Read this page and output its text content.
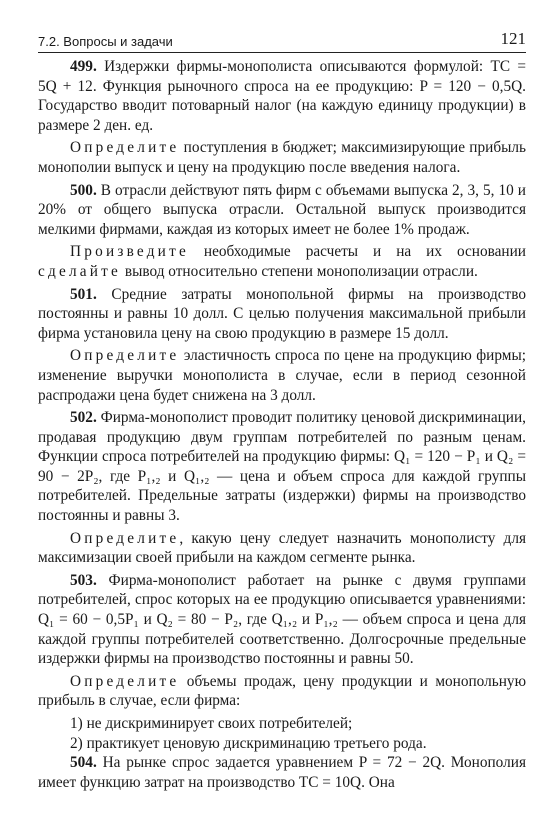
7.2. Вопросы и задачи	121

499. Издержки фирмы-монополиста описываются формулой: TC = 5Q + 12. Функция рыночного спроса на ее продукцию: P = 120 − 0,5Q. Государство вводит потоварный налог (на каждую единицу продукции) в размере 2 ден. ед.

Определите поступления в бюджет; максимизирующие прибыль монополии выпуск и цену на продукцию после введения налога.

500. В отрасли действуют пять фирм с объемами выпуска 2, 3, 5, 10 и 20% от общего выпуска отрасли. Остальной выпуск производится мелкими фирмами, каждая из которых имеет не более 1% продаж.

Произведите необходимые расчеты и на их основании сделайте вывод относительно степени монополизации отрасли.

501. Средние затраты монопольной фирмы на производство постоянны и равны 10 долл. С целью получения максимальной прибыли фирма установила цену на свою продукцию в размере 15 долл.

Определите эластичность спроса по цене на продукцию фирмы; изменение выручки монополиста в случае, если в период сезонной распродажи цена будет снижена на 3 долл.

502. Фирма-монополист проводит политику ценовой дискриминации, продавая продукцию двум группам потребителей по разным ценам. Функции спроса потребителей на продукцию фирмы: Q₁ = 120 − P₁ и Q₂ = 90 − 2P₂, где P₁,₂ и Q₁,₂ — цена и объем спроса для каждой группы потребителей. Предельные затраты (издержки) фирмы на производство постоянны и равны 3.

Определите, какую цену следует назначить монополисту для максимизации своей прибыли на каждом сегменте рынка.

503. Фирма-монополист работает на рынке с двумя группами потребителей, спрос которых на ее продукцию описывается уравнениями: Q₁ = 60 − 0,5P₁ и Q₂ = 80 − P₂, где Q₁,₂ и P₁,₂ — объем спроса и цена для каждой группы потребителей соответственно. Долгосрочные предельные издержки фирмы на производство постоянны и равны 50.

Определите объемы продаж, цену продукции и монопольную прибыль в случае, если фирма:

1) не дискриминирует своих потребителей;

2) практикует ценовую дискриминацию третьего рода.

504. На рынке спрос задается уравнением P = 72 − 2Q. Монополия имеет функцию затрат на производство TC = 10Q. Она
